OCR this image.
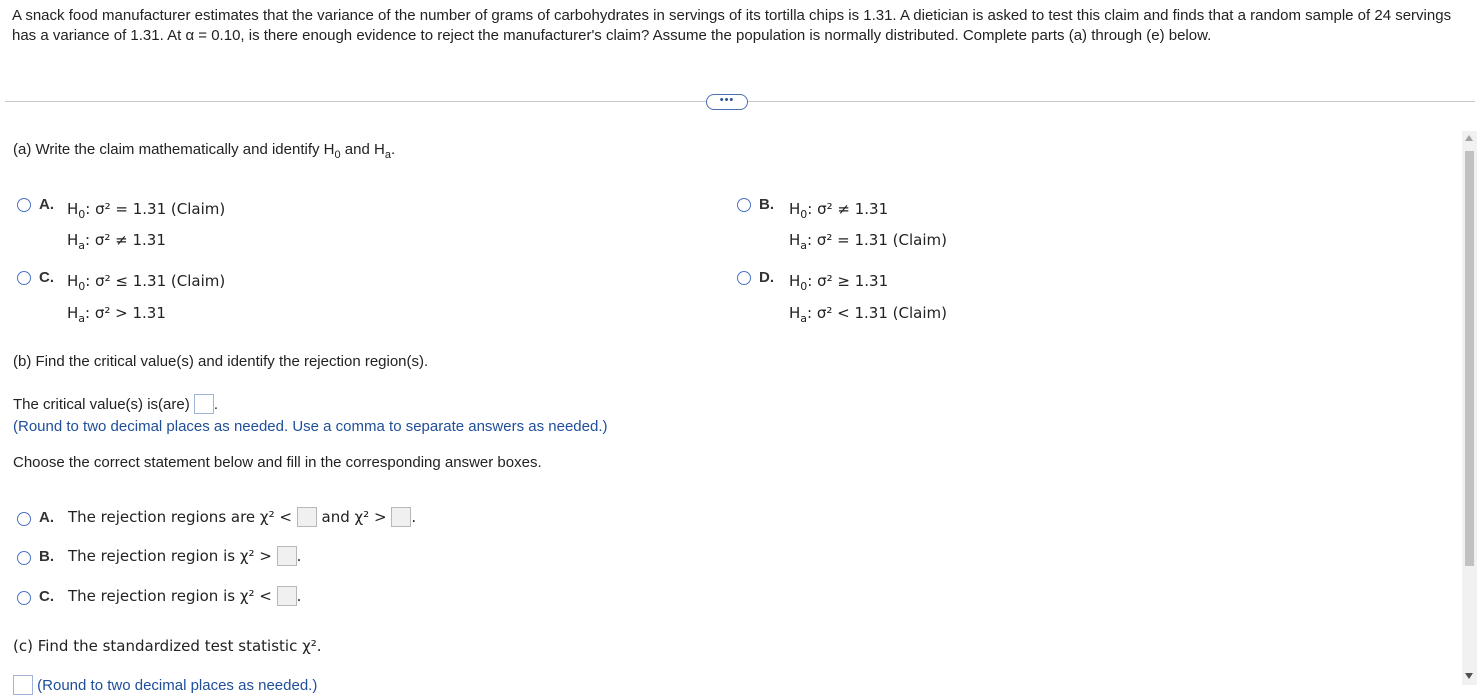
A snack food manufacturer estimates that the variance of the number of grams of carbohydrates in servings of its tortilla chips is 1.31. A dietician is asked to test this claim and finds that a random sample of 24 servings has a variance of 1.31. At α = 0.10, is there enough evidence to reject the manufacturer's claim? Assume the population is normally distributed. Complete parts (a) through (e) below.
•••
(a) Write the claim mathematically and identify $H_0$ and $H_a$.
A. $H_0$: σ² = 1.31 (Claim)
$H_a$: σ² ≠ 1.31
B. $H_0$: σ² ≠ 1.31
$H_a$: σ² = 1.31 (Claim)
C. $H_0$: σ² ≤ 1.31 (Claim)
$H_a$: σ² > 1.31
D. $H_0$: σ² ≥ 1.31
$H_a$: σ² < 1.31 (Claim)
(b) Find the critical value(s) and identify the rejection region(s).
The critical value(s) is(are) .
(Round to two decimal places as needed. Use a comma to separate answers as needed.)
Choose the correct statement below and fill in the corresponding answer boxes.
A. The rejection regions are χ² < and χ² > .
B. The rejection region is χ² > .
C. The rejection region is χ² < .
(c) Find the standardized test statistic χ².
(Round to two decimal places as needed.)
